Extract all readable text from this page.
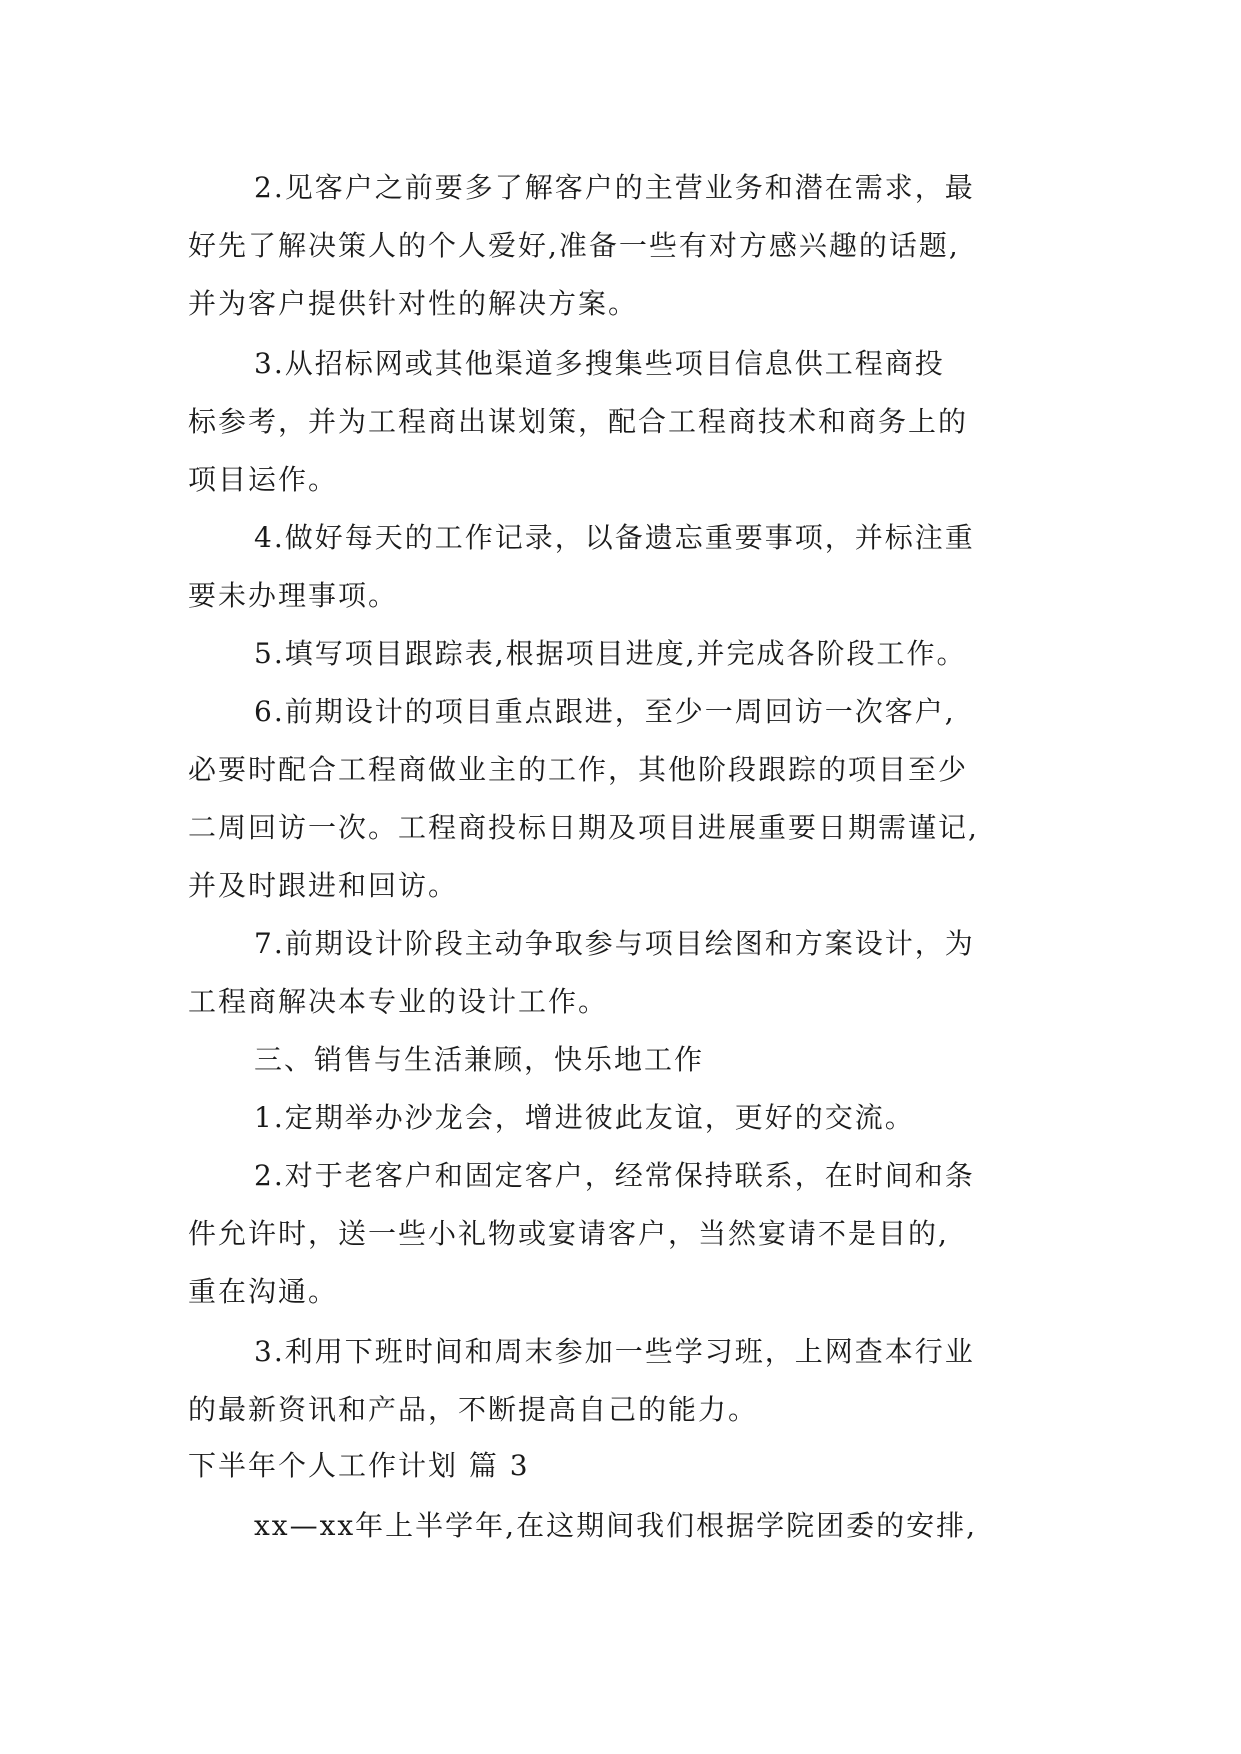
2.见客户之前要多了解客户的主营业务和潜在需求，最
好先了解决策人的个人爱好,准备一些有对方感兴趣的话题,
并为客户提供针对性的解决方案。
3.从招标网或其他渠道多搜集些项目信息供工程商投
标参考，并为工程商出谋划策，配合工程商技术和商务上的
项目运作。
4.做好每天的工作记录，以备遗忘重要事项，并标注重
要未办理事项。
5.填写项目跟踪表,根据项目进度,并完成各阶段工作。
6.前期设计的项目重点跟进，至少一周回访一次客户,
必要时配合工程商做业主的工作，其他阶段跟踪的项目至少
二周回访一次。工程商投标日期及项目进展重要日期需谨记,
并及时跟进和回访。
7.前期设计阶段主动争取参与项目绘图和方案设计，为
工程商解决本专业的设计工作。
三、销售与生活兼顾，快乐地工作
1.定期举办沙龙会，增进彼此友谊，更好的交流。
2.对于老客户和固定客户，经常保持联系，在时间和条
件允许时，送一些小礼物或宴请客户，当然宴请不是目的,
重在沟通。
3.利用下班时间和周末参加一些学习班，上网查本行业
的最新资讯和产品，不断提高自己的能力。
下半年个人工作计划 篇 3
xx—xx年上半学年,在这期间我们根据学院团委的安排,
